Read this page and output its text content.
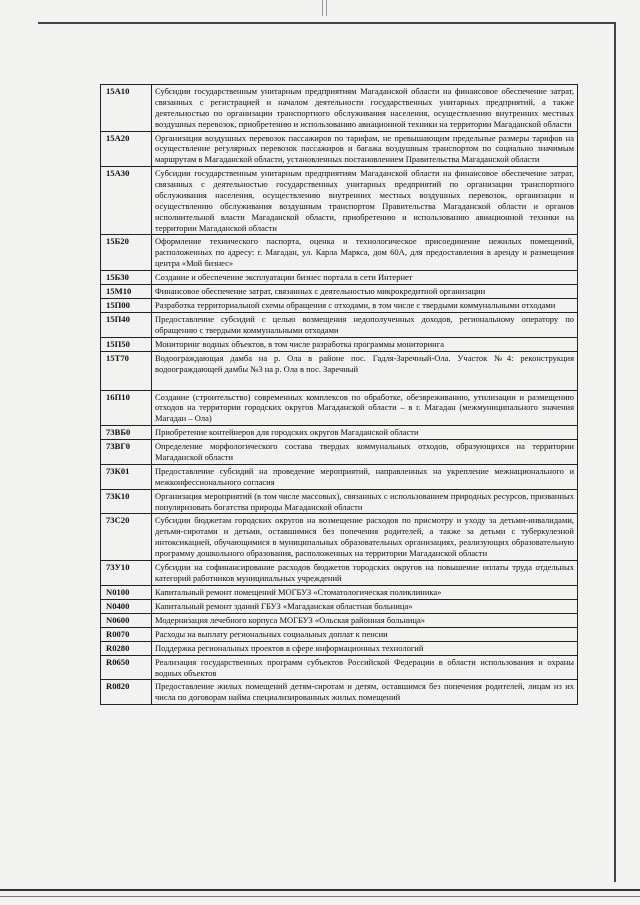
15А10	Субсидии государственным унитарным предприятиям Магаданской области на финансовое обеспечение затрат, связанных с регистрацией и началом деятельности государственных унитарных предприятий, а также деятельностью по организации транспортного обслуживания населения, осуществлению внутренних местных воздушных перевозок, приобретению и использованию авиационной техники на территории Магаданской области
15А20	Организация воздушных перевозок пассажиров по тарифам, не превышающим предельные размеры тарифов на осуществление регулярных перевозок пассажиров и багажа воздушным транспортом по социально значимым маршрутам в Магаданской области, установленных постановлением Правительства Магаданской области
15А30	Субсидии государственным унитарным предприятиям Магаданской области на финансовое обеспечение затрат, связанных с деятельностью государственных унитарных предприятий по организации транспортного обслуживания населения, осуществлению внутренних местных воздушных перевозок, организации и осуществлению обслуживания воздушным транспортом Правительства Магаданской области и органов исполнительной власти Магаданской области, приобретению и использованию авиационной техники на территории Магаданской области
15Б20	Оформление технического паспорта, оценка и технологическое присоединение нежилых помещений, расположенных по адресу: г. Магадан, ул. Карла Маркса, дом 60А, для предоставления в аренду и размещения центра «Мой бизнес»
15Б30	Создание и обеспечение эксплуатации бизнес портала в сети Интернет
15М10	Финансовое обеспечение затрат, связанных с деятельностью микрокредитной организации
15П00	Разработка территориальной схемы обращения с отходами, в том числе с твердыми коммунальными отходами
15П40	Предоставление субсидий с целью возмещения недополученных доходов, региональному оператору по обращению с твердыми коммунальными отходами
15П50	Мониторинг водных объектов, в том числе разработка программы мониторинга
15Т70	Водоограждающая дамба на р. Ола в районе пос. Гадля-Заречный-Ола. Участок №4: реконструкция водоограждающей дамбы №3 на р. Ола в пос. Заречный
16П10	Создание (строительство) современных комплексов по обработке, обезвреживанию, утилизации и размещению отходов на территории городских округов Магаданской области – в г. Магадан (межмуниципального значения Магадан – Ола)
73ВБ0	Приобретение контейнеров для городских округов Магаданской области
73ВГ0	Определение морфологического состава твердых коммунальных отходов, образующихся на территории Магаданской области
73К01	Предоставление субсидий на проведение мероприятий, направленных на укрепление межнационального и межконфессионального согласия
73К10	Организация мероприятий (в том числе массовых), связанных с использованием природных ресурсов, призванных популяризовать богатства природы Магаданской области
73С20	Субсидии бюджетам городских округов на возмещение расходов по присмотру и уходу за детьми-инвалидами, детьми-сиротами и детьми, оставшимися без попечения родителей, а также за детьми с туберкулезной интоксикацией, обучающимися в муниципальных образовательных организациях, реализующих образовательную программу дошкольного образования, расположенных на территории Магаданской области
73У10	Субсидии на софинансирование расходов бюджетов городских округов на повышение оплаты труда отдельных категорий работников муниципальных учреждений
N0100	Капитальный ремонт помещений МОГБУЗ «Стоматологическая поликлиника»
N0400	Капитальный ремонт зданий ГБУЗ «Магаданская областная больница»
N0600	Модернизация лечебного корпуса МОГБУЗ «Ольская районная больница»
R0070	Расходы на выплату региональных социальных доплат к пенсии
R0280	Поддержка региональных проектов в сфере информационных технологий
R0650	Реализация государственных программ субъектов Российской Федерации в области использования и охраны водных объектов
R0820	Предоставление жилых помещений детям-сиротам и детям, оставшимся без попечения родителей, лицам из их числа по договорам найма специализированных жилых помещений
